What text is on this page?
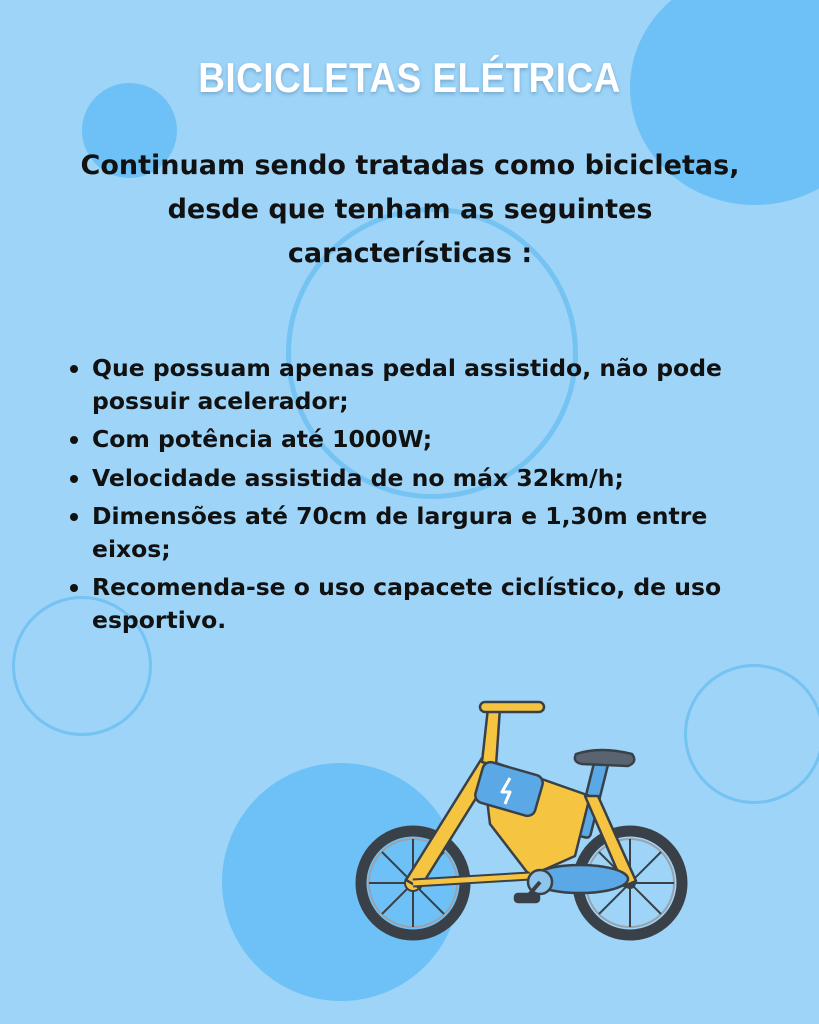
BICICLETAS ELÉTRICA
Continuam sendo tratadas como bicicletas, desde que tenham as seguintes características :
Que possuam apenas pedal assistido, não pode possuir acelerador;
Com potência até 1000W;
Velocidade assistida de no máx 32km/h;
Dimensões até 70cm de largura e 1,30m entre eixos;
Recomenda-se o uso capacete ciclístico, de uso esportivo.
